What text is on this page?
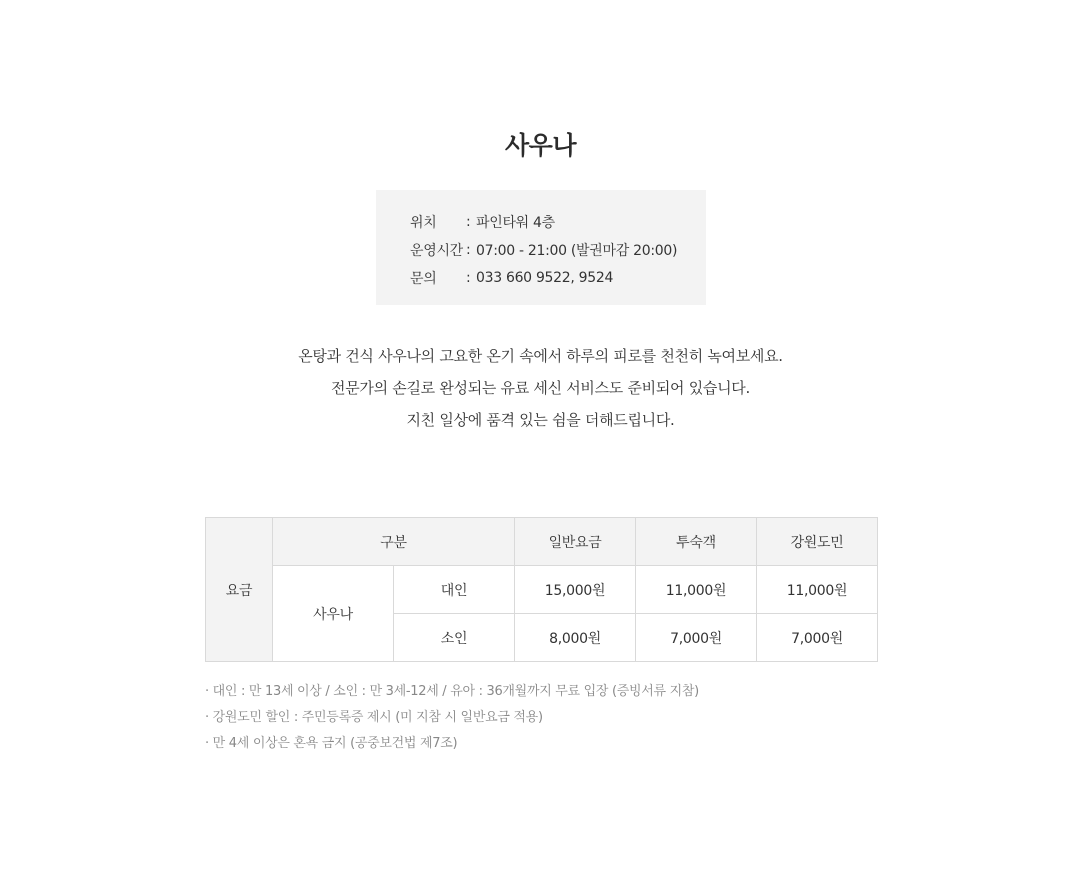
사우나
위치	: 파인타워 4층
운영시간 : 07:00 - 21:00 (발권마감 20:00)
문의	: 033 660 9522, 9524
온탕과 건식 사우나의 고요한 온기 속에서 하루의 피로를 천천히 녹여보세요.
전문가의 손길로 완성되는 유료 세신 서비스도 준비되어 있습니다.
지친 일상에 품격 있는 쉼을 더해드립니다.
요금	구분		일반요금	투숙객	강원도민
	사우나	대인	15,000원	11,000원	11,000원
		소인	8,000원	7,000원	7,000원
· 대인 : 만 13세 이상 / 소인 : 만 3세-12세 / 유아 : 36개월까지 무료 입장 (증빙서류 지참)
· 강원도민 할인 : 주민등록증 제시 (미 지참 시 일반요금 적용)
· 만 4세 이상은 혼욕 금지 (공중보건법 제7조)
